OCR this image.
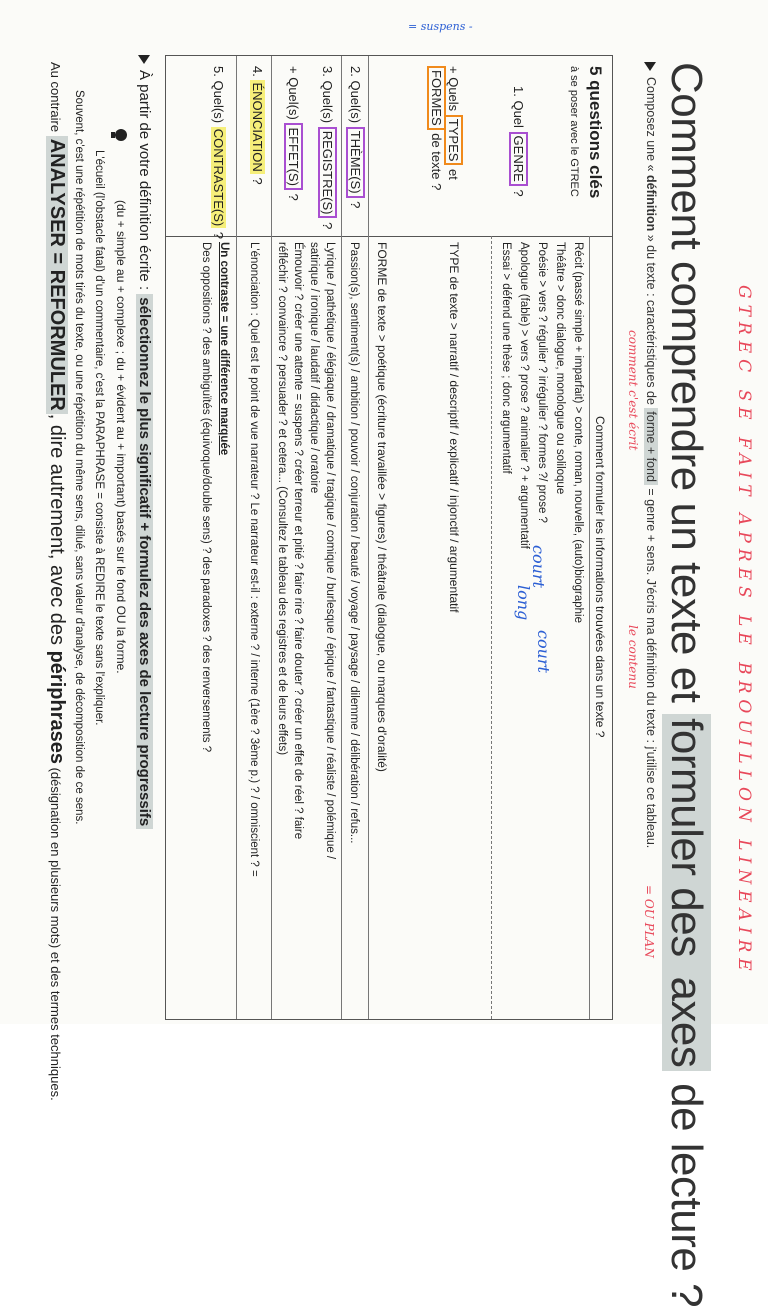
GTREC SE FAIT APRES LE BROUILLON LINEAIRE
Comment comprendre un texte et formuler des axes de lecture ?
= OU PLAN
Composez une « définition » du texte : caractéristiques de forme + fond = genre + sens. J'écris ma définition du texte : j'utilise ce tableau.
comment c'est écrit
le contenu
5 questions clés
à se poser avec le GTREC
1. Quel GENRE ?
+ Quels TYPES et FORMES de texte ?
2. Quel(s) THÈME(S) ?
3. Quel(s) REGISTRE(S) ?
+ Quel(s) EFFET(S) ?
4. ÉNONCIATION ?
5. Quel(s) CONTRASTE(S) ?
Comment formuler les informations trouvées dans un texte ?
Récit (passé simple + imparfait) > conte, roman, nouvelle, (auto)biographie
Théâtre > donc dialogue, monologue ou soliloque
Poésie > vers ? régulier ? irrégulier ? formes ?/ prose ?
Apologue (fable) > vers ? prose ? animalier ? + argumentatif
Essai > défend une thèse ; donc argumentatif
TYPE de texte > narratif / descriptif / explicatif / injonctif / argumentatif
FORME de texte > poétique (écriture travaillée > figures) / théâtrale (dialogue, ou marques d'oralité)
Passion(s), sentiment(s) / ambition / pouvoir / conjuration / beauté / voyage / paysage / dilemme / délibération / refus...
Lyrique / pathétique / élégiaque / dramatique / tragique / comique / burlesque / épique / fantastique / réaliste / polémique /
satirique / ironique / laudatif / didactique / oratoire
Émouvoir ? créer une attente = suspens ? créer terreur et pitié ? faire rire ? faire douter ? créer un effet de réel ? faire
réfléchir ? convaincre ? persuader ? et cetera... (Consultez le tableau des registres et de leurs effets)
L'énonciation : Quel est le point de vue narrateur ? Le narrateur est-il : externe ? / interne (1ère ? 3ème p.) ? / omniscient ? =
Un contraste = une différence marquée
Des oppositions ? des ambiguïtés (équivoque/double sens) ? des paradoxes ? des renversements ?
= suspens -
court
long
court
À partir de votre définition écrite : sélectionnez le plus significatif + formulez des axes de lecture progressifs
(du + simple au + complexe ; du + évident au + important) basés sur le fond OU la forme.
L'écueil (l'obstacle fatal) d'un commentaire, c'est la PARAPHRASE = consiste à REDIRE le texte sans l'expliquer.
Souvent, c'est une répétition de mots tirés du texte, ou une répétition du même sens, dilué, sans valeur d'analyse, de décomposition de ce sens.
Au contraire ANALYSER = REFORMULER, dire autrement, avec des périphrases (désignation en plusieurs mots) et des termes techniques.
